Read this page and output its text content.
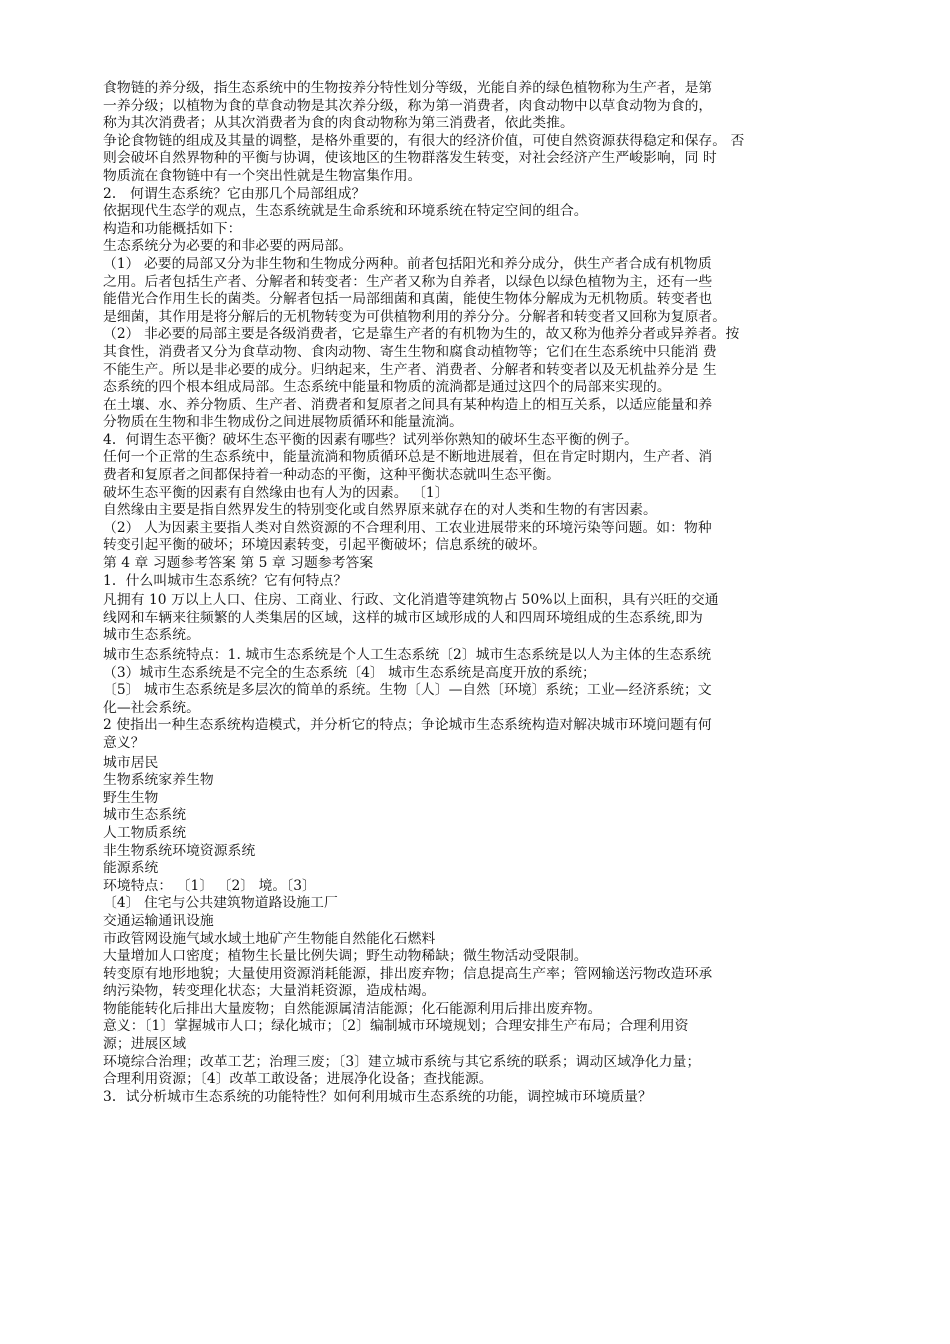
食物链的养分级，指生态系统中的生物按养分特性划分等级，光能自养的绿色植物称为生产者，是第
一养分级；以植物为食的草食动物是其次养分级，称为第一消费者，肉食动物中以草食动物为食的，
称为其次消费者；从其次消费者为食的肉食动物称为第三消费者，依此类推。
争论食物链的组成及其量的调整，是格外重要的，有很大的经济价值，可使自然资源获得稳定和保存。 否
则会破坏自然界物种的平衡与协调，使该地区的生物群落发生转变，对社会经济产生严峻影响，同 时
物质流在食物链中有一个突出性就是生物富集作用。
2． 何谓生态系统？它由那几个局部组成？
依据现代生态学的观点，生态系统就是生命系统和环境系统在特定空间的组合。
构造和功能概括如下：
生态系统分为必要的和非必要的两局部。
（1） 必要的局部又分为非生物和生物成分两种。前者包括阳光和养分成分，供生产者合成有机物质
之用。后者包括生产者、分解者和转变者：生产者又称为自养者，以绿色以绿色植物为主，还有一些
能借光合作用生长的菌类。分解者包括一局部细菌和真菌，能使生物体分解成为无机物质。转变者也
是细菌，其作用是将分解后的无机物转变为可供植物利用的养分分。分解者和转变者又回称为复原者。
（2） 非必要的局部主要是各级消费者，它是靠生产者的有机物为生的，故又称为他养分者或异养者。按
其食性，消费者又分为食草动物、食肉动物、寄生生物和腐食动植物等；它们在生态系统中只能消 费
不能生产。所以是非必要的成分。归纳起来，生产者、消费者、分解者和转变者以及无机盐养分是 生
态系统的四个根本组成局部。生态系统中能量和物质的流淌都是通过这四个的局部来实现的。
在土壤、水、养分物质、生产者、消费者和复原者之间具有某种构造上的相互关系，以适应能量和养
分物质在生物和非生物成份之间进展物质循环和能量流淌。
4．何谓生态平衡？破坏生态平衡的因素有哪些？试列举你熟知的破坏生态平衡的例子。
任何一个正常的生态系统中，能量流淌和物质循环总是不断地进展着，但在肯定时期内，生产者、消
费者和复原者之间都保持着一种动态的平衡，这种平衡状态就叫生态平衡。
破坏生态平衡的因素有自然缘由也有人为的因素。 〔1〕
自然缘由主要是指自然界发生的特别变化或自然界原来就存在的对人类和生物的有害因素。
（2） 人为因素主要指人类对自然资源的不合理利用、工农业进展带来的环境污染等问题。如：物种
转变引起平衡的破坏；环境因素转变，引起平衡破坏；信息系统的破坏。
第 4 章 习题参考答案 第 5 章 习题参考答案
1．什么叫城市生态系统？它有何特点？
凡拥有 10 万以上人口、住房、工商业、行政、文化消遣等建筑物占 50%以上面积，具有兴旺的交通
线网和车辆来往频繁的人类集居的区域，这样的城市区域形成的人和四周环境组成的生态系统,即为
城市生态系统。
城市生态系统特点：1. 城市生态系统是个人工生态系统〔2〕城市生态系统是以人为主体的生态系统
（3）城市生态系统是不完全的生态系统〔4〕 城市生态系统是高度开放的系统；
〔5〕 城市生态系统是多层次的简单的系统。生物〔人〕—自然〔环境〕系统；工业—经济系统；文
化—社会系统。
2 使指出一种生态系统构造模式，并分析它的特点；争论城市生态系统构造对解决城市环境问题有何
意义？
城市居民
生物系统家养生物
野生生物
城市生态系统
人工物质系统
非生物系统环境资源系统
能源系统
环境特点： 〔1〕 〔2〕 境。〔3〕
〔4〕 住宅与公共建筑物道路设施工厂
交通运输通讯设施
市政管网设施气域水域土地矿产生物能自然能化石燃料
大量增加人口密度；植物生长量比例失调；野生动物稀缺；微生物活动受限制。
转变原有地形地貌；大量使用资源消耗能源，排出废弃物；信息提高生产率；管网输送污物改造环承
纳污染物，转变理化状态；大量消耗资源，造成枯竭。
物能能转化后排出大量废物；自然能源属清洁能源；化石能源利用后排出废弃物。
意义：〔1〕掌握城市人口；绿化城市；〔2〕编制城市环境规划；合理安排生产布局；合理利用资
源；进展区域
环境综合治理；改革工艺；治理三废；〔3〕建立城市系统与其它系统的联系；调动区域净化力量；
合理利用资源；〔4〕改革工敢设备；进展净化设备；查找能源。
3．试分析城市生态系统的功能特性？如何利用城市生态系统的功能，调控城市环境质量？
